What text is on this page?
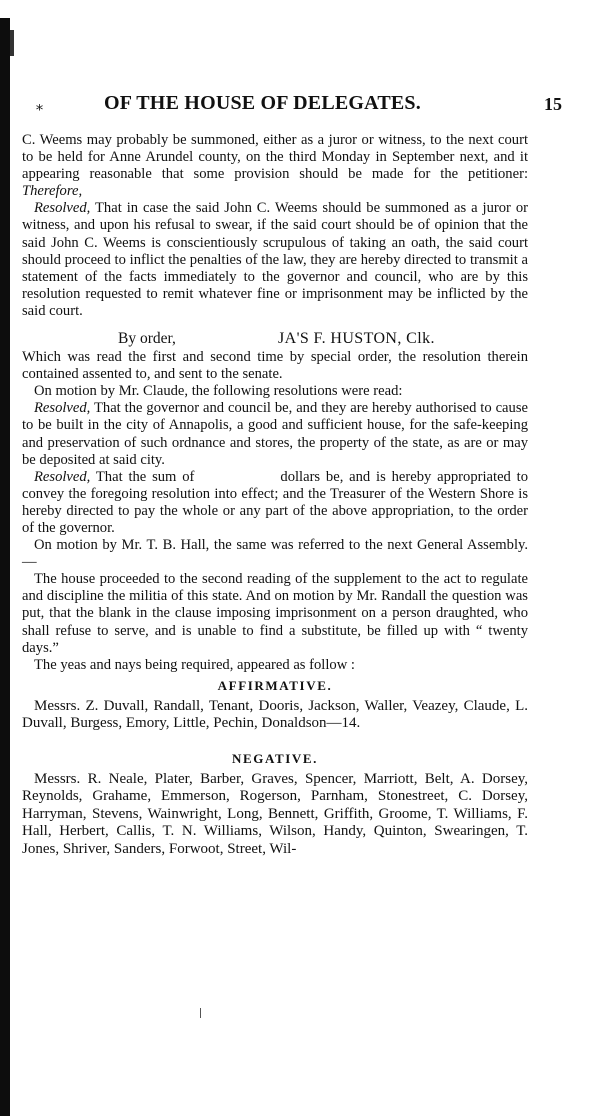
⁎	OF THE HOUSE OF DELEGATES.	15

C. Weems may probably be summoned, either as a juror or witness, to the next court to be held for Anne Arundel county, on the third Monday in September next, and it appearing reasonable that some provision should be made for the petitioner: Therefore,

Resolved, That in case the said John C. Weems should be summoned as a juror or witness, and upon his refusal to swear, if the said court should be of opinion that the said John C. Weems is conscientiously scrupulous of taking an oath, the said court should proceed to inflict the penalties of the law, they are hereby directed to transmit a statement of the facts immediately to the governor and council, who are by this resolution requested to remit whatever fine or imprisonment may be inflicted by the said court.

By order,	JA'S F. HUSTON, Clk.

Which was read the first and second time by special order, the resolution therein contained assented to, and sent to the senate.

On motion by Mr. Claude, the following resolutions were read:

Resolved, That the governor and council be, and they are hereby authorised to cause to be built in the city of Annapolis, a good and sufficient house, for the safe-keeping and preservation of such ordnance and stores, the property of the state, as are or may be deposited at said city.

Resolved, That the sum of	dollars be, and is hereby appropriated to convey the foregoing resolution into effect; and the Treasurer of the Western Shore is hereby directed to pay the whole or any part of the above appropriation, to the order of the governor.

On motion by Mr. T. B. Hall, the same was referred to the next General Assembly. —

The house proceeded to the second reading of the supplement to the act to regulate and discipline the militia of this state. And on motion by Mr. Randall the question was put, that the blank in the clause imposing imprisonment on a person draughted, who shall refuse to serve, and is unable to find a substitute, be filled up with “ twenty days.”

The yeas and nays being required, appeared as follow :

AFFIRMATIVE.

Messrs. Z. Duvall, Randall, Tenant, Dooris, Jackson, Waller, Veazey, Claude, L. Duvall, Burgess, Emory, Little, Pechin, Donaldson—14.

NEGATIVE.

Messrs. R. Neale, Plater, Barber, Graves, Spencer, Marriott, Belt, A. Dorsey, Reynolds, Grahame, Emmerson, Rogerson, Parnham, Stonestreet, C. Dorsey, Harryman, Stevens, Wainwright, Long, Bennett, Griffith, Groome, T. Williams, F. Hall, Herbert, Callis, T. N. Williams, Wilson, Handy, Quinton, Swearingen, T. Jones, Shriver, Sanders, Forwoot, Street, Wil-
